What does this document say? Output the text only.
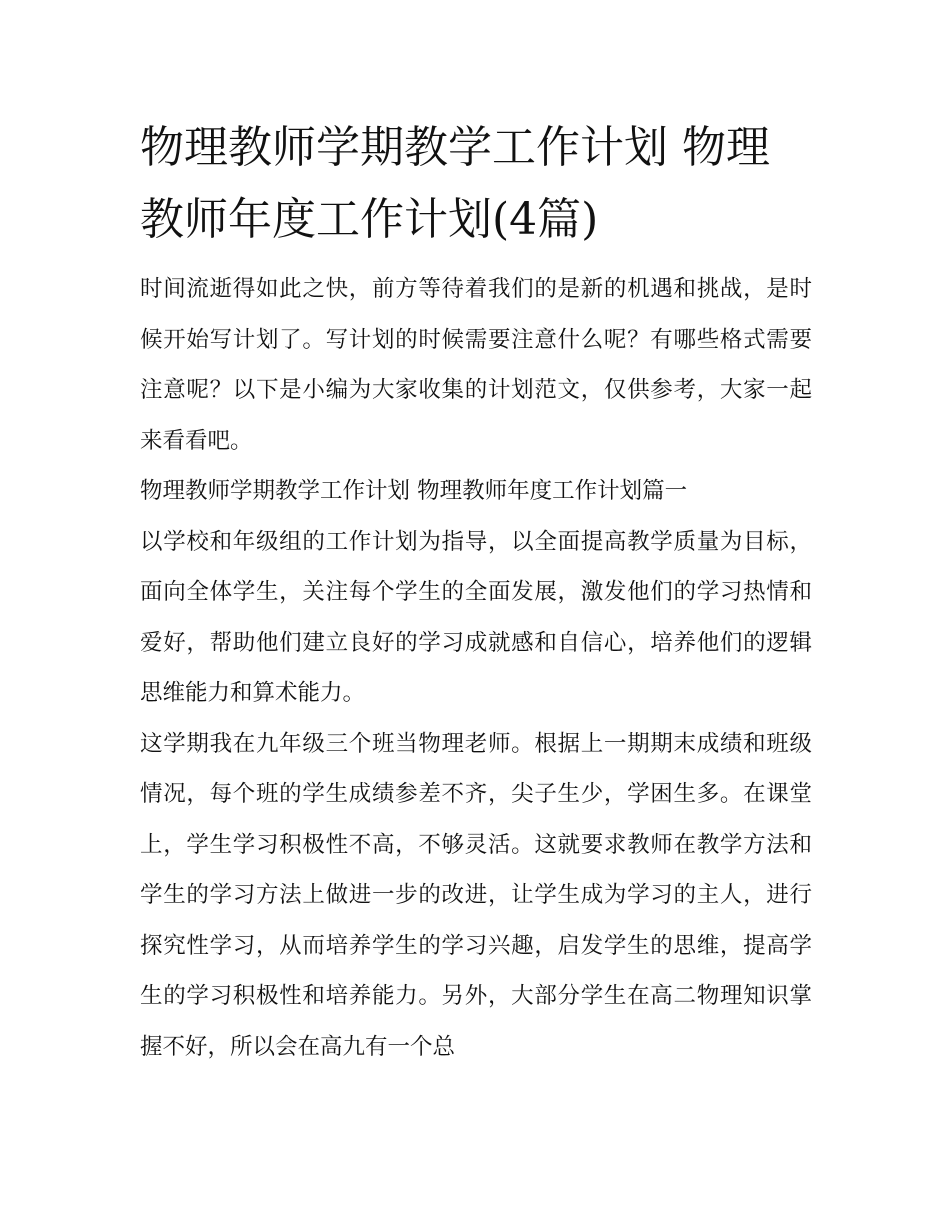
物理教师学期教学工作计划 物理教师年度工作计划(4篇)

时间流逝得如此之快，前方等待着我们的是新的机遇和挑战，是时候开始写计划了。写计划的时候需要注意什么呢？有哪些格式需要注意呢？以下是小编为大家收集的计划范文，仅供参考，大家一起来看看吧。

物理教师学期教学工作计划 物理教师年度工作计划篇一

以学校和年级组的工作计划为指导，以全面提高教学质量为目标，面向全体学生，关注每个学生的全面发展，激发他们的学习热情和爱好，帮助他们建立良好的学习成就感和自信心，培养他们的逻辑思维能力和算术能力。

这学期我在九年级三个班当物理老师。根据上一期期末成绩和班级情况，每个班的学生成绩参差不齐，尖子生少，学困生多。在课堂上，学生学习积极性不高，不够灵活。这就要求教师在教学方法和学生的学习方法上做进一步的改进，让学生成为学习的主人，进行探究性学习，从而培养学生的学习兴趣，启发学生的思维，提高学生的学习积极性和培养能力。另外，大部分学生在高二物理知识掌握不好，所以会在高九有一个总
